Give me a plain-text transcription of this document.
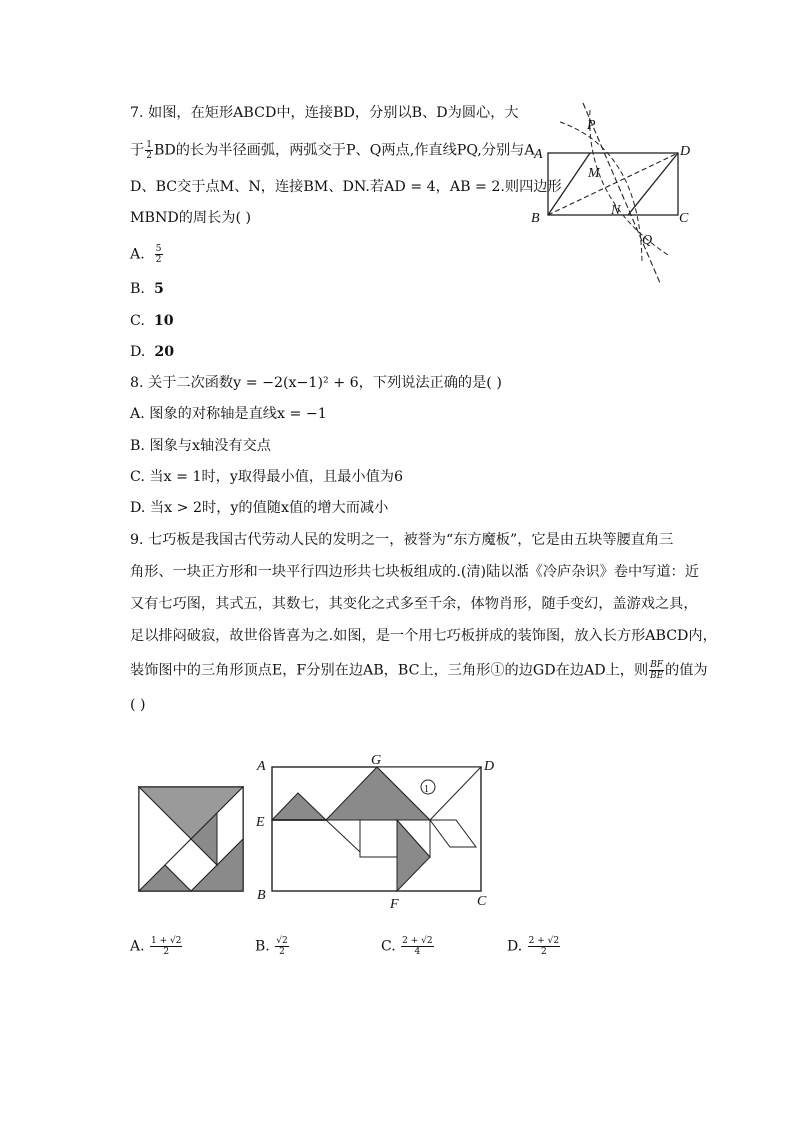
7. 如图，在矩形ABCD中，连接BD，分别以B、D为圆心，大
于 $\frac{1}{2}$ BD的长为半径画弧，两弧交于P、Q两点,作直线PQ,分别与A
D、BC交于点M、N，连接BM、DN.若AD = 4，AB = 2.则四边形
MBND的周长为( )
A. $\frac{5}{2}$
B. 5
C. 10
D. 20
P
A	D
M
B
N
C
Q
8. 关于二次函数y = −2(x−1)² + 6，下列说法正确的是( )
A. 图象的对称轴是直线x = −1
B. 图象与x轴没有交点
C. 当x = 1时，y取得最小值，且最小值为6
D. 当x > 2时，y的值随x值的增大而减小
9. 七巧板是我国古代劳动人民的发明之一，被誉为“东方魔板”，它是由五块等腰直角三
角形、一块正方形和一块平行四边形共七块板组成的.(清)陆以湉《冷庐杂识》卷中写道：近
又有七巧图，其式五，其数七，其变化之式多至千余，体物肖形，随手变幻，盖游戏之具，
足以排闷破寂，故世俗皆喜为之.如图，是一个用七巧板拼成的装饰图，放入长方形ABCD内，
装饰图中的三角形顶点E，F分别在边AB，BC上，三角形①的边GD在边AD上，则 $\frac{BF}{BE}$ 的值为
( )
1
A	G	D
E
B
F	C
A. $\frac{1 + √2}{2}$	B. $\frac{√2}{2}$	C. $\frac{2 + √2}{4}$	D. $\frac{2 + √2}{2}$
